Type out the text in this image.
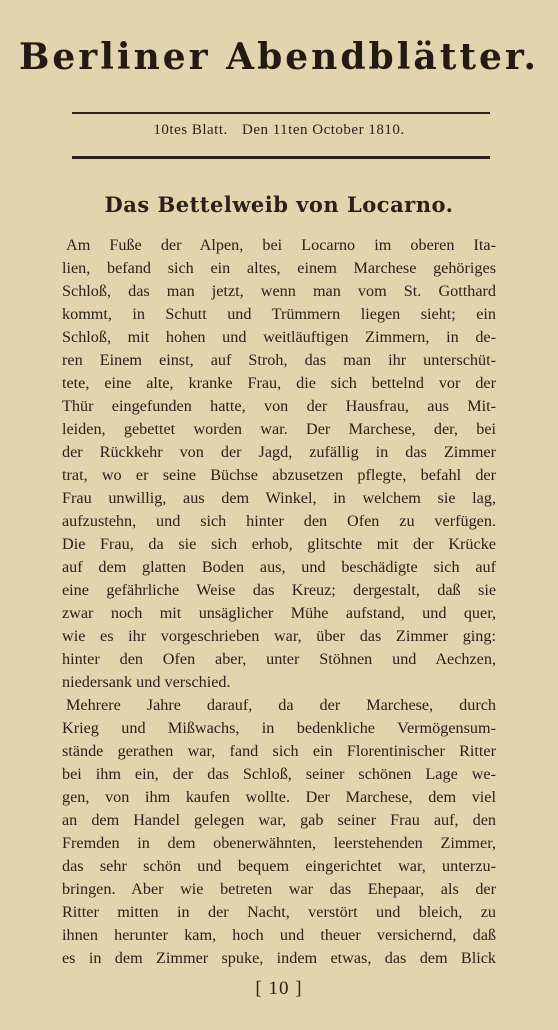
Berliner Abendblätter.
10tes Blatt. Den 11ten October 1810.
Das Bettelweib von Locarno.
Am Fuße der Alpen, bei Locarno im oberen Ita-
lien, befand sich ein altes, einem Marchese gehöriges
Schloß, das man jetzt, wenn man vom St. Gotthard
kommt, in Schutt und Trümmern liegen sieht; ein
Schloß, mit hohen und weitläuftigen Zimmern, in de-
ren Einem einst, auf Stroh, das man ihr unterschüt-
tete, eine alte, kranke Frau, die sich bettelnd vor der
Thür eingefunden hatte, von der Hausfrau, aus Mit-
leiden, gebettet worden war. Der Marchese, der, bei
der Rückkehr von der Jagd, zufällig in das Zimmer
trat, wo er seine Büchse abzusetzen pflegte, befahl der
Frau unwillig, aus dem Winkel, in welchem sie lag,
aufzustehn, und sich hinter den Ofen zu verfügen.
Die Frau, da sie sich erhob, glitschte mit der Krücke
auf dem glatten Boden aus, und beschädigte sich auf
eine gefährliche Weise das Kreuz; dergestalt, daß sie
zwar noch mit unsäglicher Mühe aufstand, und quer,
wie es ihr vorgeschrieben war, über das Zimmer ging:
hinter den Ofen aber, unter Stöhnen und Aechzen,
niedersank und verschied.
Mehrere Jahre darauf, da der Marchese, durch
Krieg und Mißwachs, in bedenkliche Vermögensum-
stände gerathen war, fand sich ein Florentinischer Ritter
bei ihm ein, der das Schloß, seiner schönen Lage we-
gen, von ihm kaufen wollte. Der Marchese, dem viel
an dem Handel gelegen war, gab seiner Frau auf, den
Fremden in dem obenerwähnten, leerstehenden Zimmer,
das sehr schön und bequem eingerichtet war, unterzu-
bringen. Aber wie betreten war das Ehepaar, als der
Ritter mitten in der Nacht, verstört und bleich, zu
ihnen herunter kam, hoch und theuer versichernd, daß
es in dem Zimmer spuke, indem etwas, das dem Blick
[ 10 ]
